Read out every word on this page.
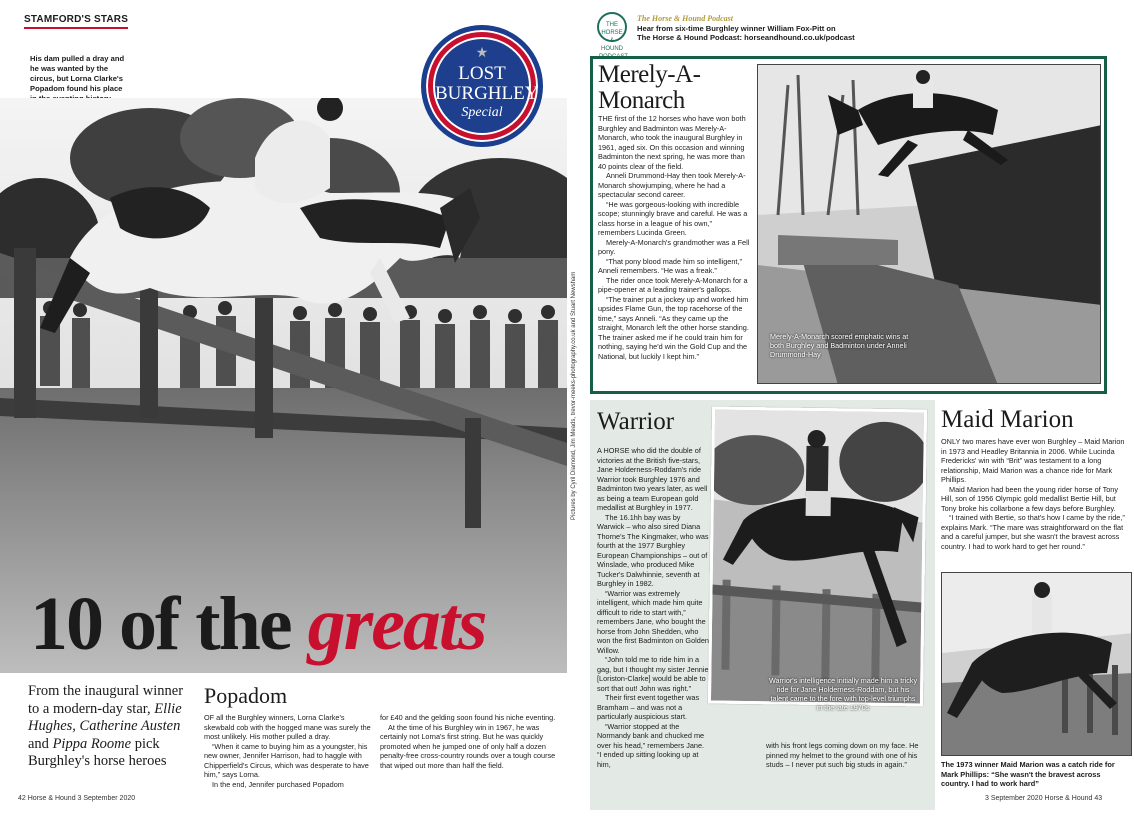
STAMFORD'S STARS
His dam pulled a dray and he was wanted by the circus, but Lorna Clarke's Popadom found his place
★
LOST
BURGHLEY
Special
10 of the greats
From the inaugural winner to a modern-day star, Ellie Hughes, Catherine Austen and Pippa Roome pick Burghley's horse heroes
Popadom

OF all the Burghley winners, Lorna Clarke's skewbald cob with the hogged mane was surely the most unlikely. His mother pulled a dray.

“When it came to buying him as a youngster, his new owner, Jennifer Harrison, had to haggle with Chipperfield's Circus, which was desperate to have him,” says Lorna.

In the end, Jennifer purchased Popadom

for £40 and the gelding soon found his niche eventing.

At the time of his Burghley win in 1967, he was certainly not Lorna's first string. But he was quickly promoted when he jumped one of only half a dozen penalty-free cross-country rounds over a tough course that wiped out more than half the field.

42 Horse & Hound 3 September 2020
Pictures by Cyril Diamond, Jim Meads, trevor-meeks-photography.co.uk and Stuart Newsham
THE HORSE & HOUND PODCAST
The Horse & Hound Podcast
Hear from six-time Burghley winner William Fox-Pitt on
The Horse & Hound Podcast: horseandhound.co.uk/podcast
Merely-A-Monarch

THE first of the 12 horses who have won both Burghley and Badminton was Merely-A-Monarch, who took the inaugural Burghley in 1961, aged six. On this occasion and winning Badminton the next spring, he was more than 40 points clear of the field.

Anneli Drummond-Hay then took Merely-A-Monarch showjumping, where he had a spectacular second career.

“He was gorgeous-looking with incredible scope; stunningly brave and careful. He was a class horse in a league of his own,” remembers Lucinda Green.

Merely-A-Monarch's grandmother was a Fell pony.

“That pony blood made him so intelligent,” Anneli remembers. “He was a freak.”

The rider once took Merely-A-Monarch for a pipe-opener at a leading trainer's gallops.

“The trainer put a jockey up and worked him upsides Flame Gun, the top racehorse of the time,” says Anneli. “As they came up the straight, Monarch left the other horse standing. The trainer asked me if he could train him for nothing, saying he'd win the Gold Cup and the National, but luckily I kept him.”

Merely-A-Monarch scored emphatic wins at both Burghley and Badminton under Anneli Drummond-Hay
Warrior

A HORSE who did the double of victories at the British five-stars, Jane Holderness-Roddam's ride Warrior took Burghley 1976 and Badminton two years later, as well as being a team European gold medallist at Burghley in 1977.

The 16.1hh bay was by Warwick – who also sired Diana Thorne's The Kingmaker, who was fourth at the 1977 Burghley European Championships – out of Winslade, who produced Mike Tucker's Dalwhinnie, seventh at Burghley in 1982.

“Warrior was extremely intelligent, which made him quite difficult to ride to start with,” remembers Jane, who bought the horse from John Shedden, who won the first Badminton on Golden Willow.

“John told me to ride him in a gag, but I thought my sister Jennie [Loriston-Clarke] would be able to sort that out! John was right.”

Their first event together was Bramham – and was not a particularly auspicious start.

“Warrior stopped at the Normandy bank and chucked me over his head,” remembers Jane. “I ended up sitting looking up at him,

Warrior's intelligence initially made him a tricky ride for Jane Holderness-Roddam, but his talent came to the fore with top-level triumphs in the late 1970s

with his front legs coming down on my face. He pinned my helmet to the ground with one of his studs – I never put such big studs in again.”

Maid Marion

ONLY two mares have ever won Burghley – Maid Marion in 1973 and Headley Britannia in 2006. While Lucinda Fredericks' win with “Brit” was testament to a long relationship, Maid Marion was a chance ride for Mark Phillips.

Maid Marion had been the young rider horse of Tony Hill, son of 1956 Olympic gold medallist Bertie Hill, but Tony broke his collarbone a few days before Burghley.

“I trained with Bertie, so that's how I came by the ride,” explains Mark. “The mare was straightforward on the flat and a careful jumper, but she wasn't the bravest across country. I had to work hard to get her round.”

The 1973 winner Maid Marion was a catch ride for Mark Phillips: “She wasn't the bravest across country. I had to work hard”
3 September 2020 Horse & Hound 43
